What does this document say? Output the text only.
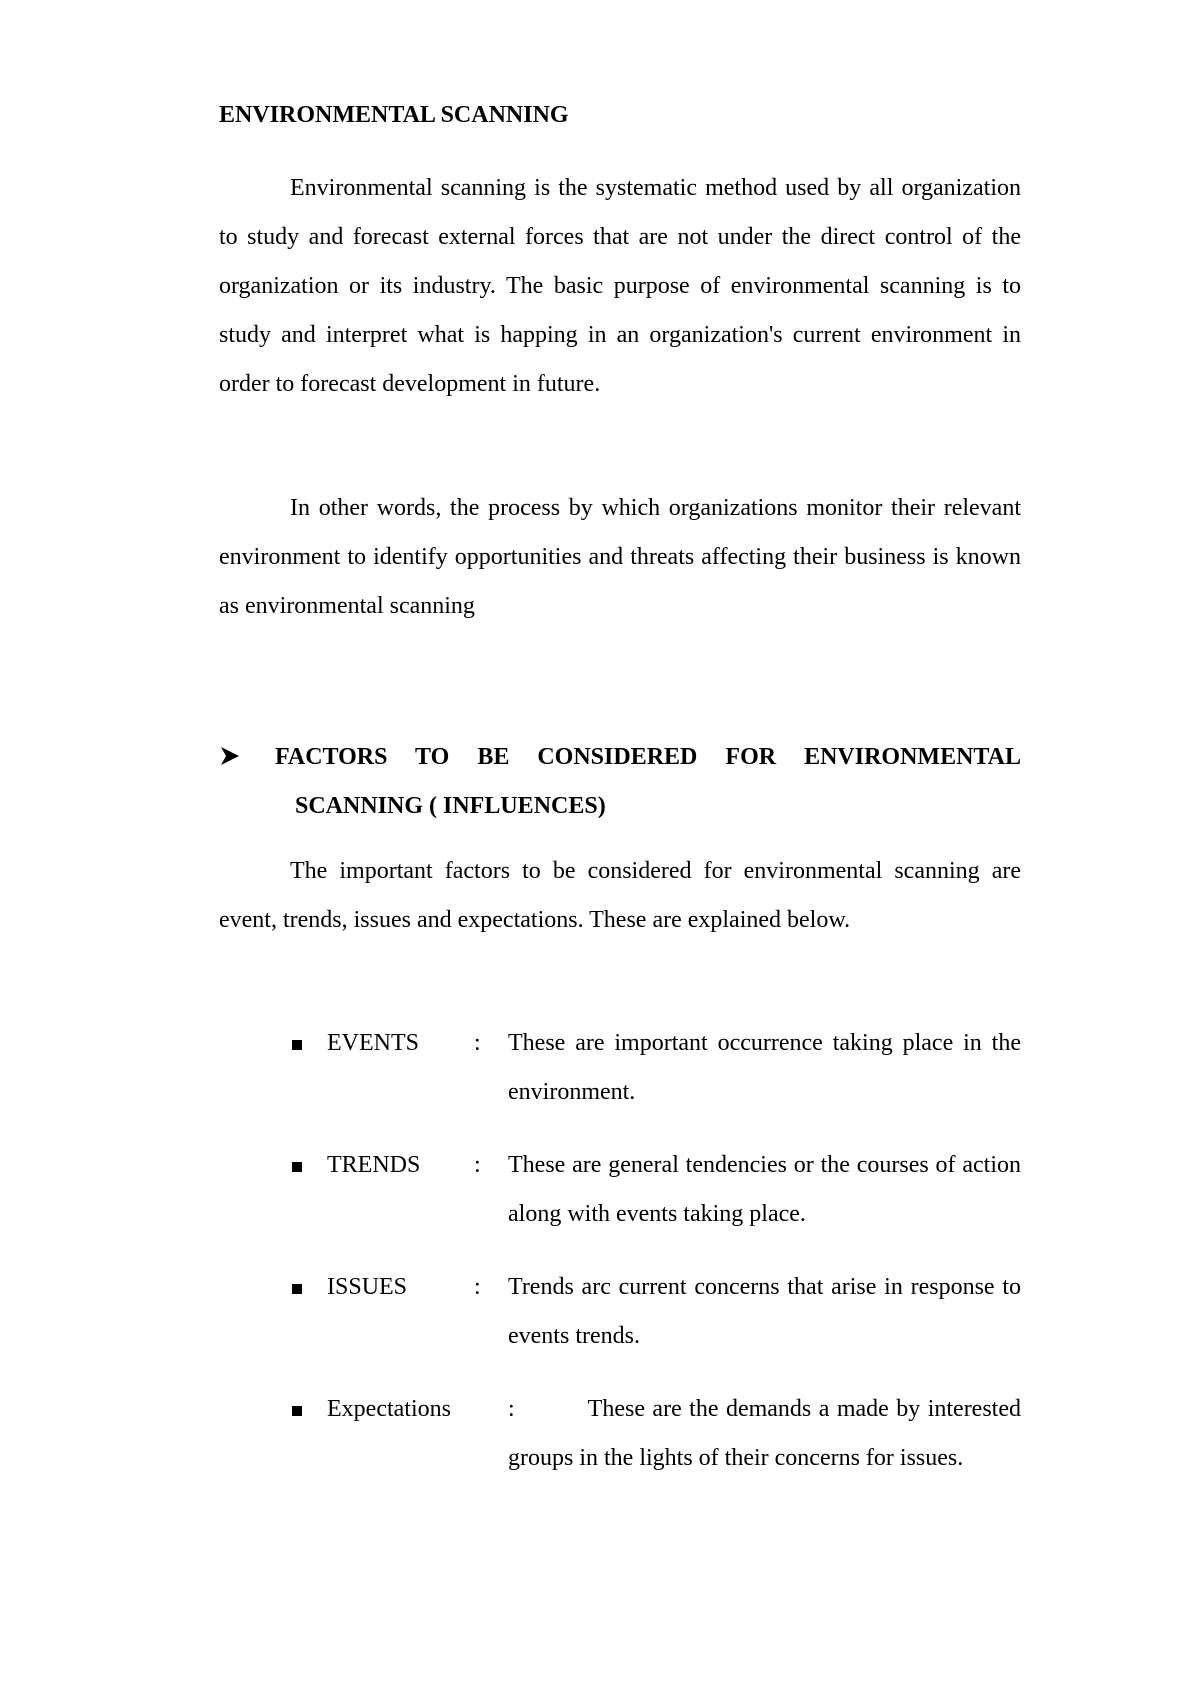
ENVIRONMENTAL SCANNING

Environmental scanning is the systematic method used by all organization to study and forecast external forces that are not under the direct control of the organization or its industry. The basic purpose of environmental scanning is to study and interpret what is happing in an organization's current environment in order to forecast development in future.

In other words, the process by which organizations monitor their relevant environment to identify opportunities and threats affecting their business is known as environmental scanning

FACTORS TO BE CONSIDERED FOR ENVIRONMENTAL SCANNING ( INFLUENCES)

The important factors to be considered for environmental scanning are event, trends, issues and expectations. These are explained below.

EVENTS : These are important occurrence taking place in the environment.
TRENDS : These are general tendencies or the courses of action along with events taking place.
ISSUES	: Trends arc current concerns that arise in response to events trends.
Expectations :	These are the demands a made by interested groups in the lights of their concerns for issues.
